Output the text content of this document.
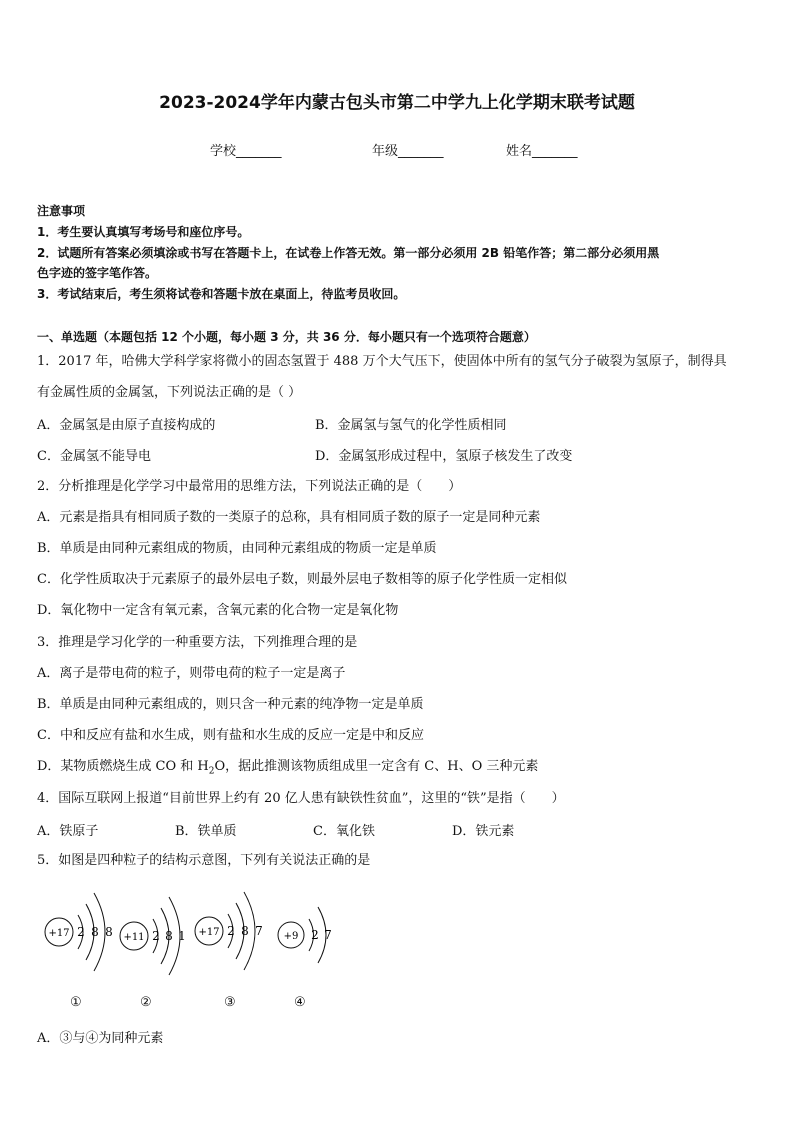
2023-2024学年内蒙古包头市第二中学九上化学期末联考试题
学校_______	年级_______	姓名_______
注意事项
1．考生要认真填写考场号和座位序号。
2．试题所有答案必须填涂或书写在答题卡上，在试卷上作答无效。第一部分必须用 2B 铅笔作答；第二部分必须用黑
色字迹的签字笔作答。
3．考试结束后，考生须将试卷和答题卡放在桌面上，待监考员收回。
一、单选题（本题包括 12 个小题，每小题 3 分，共 36 分．每小题只有一个选项符合题意）
1．2017 年，哈佛大学科学家将微小的固态氢置于 488 万个大气压下，使固体中所有的氢气分子破裂为氢原子，制得具
有金属性质的金属氢，下列说法正确的是（ ）
A．金属氢是由原子直接构成的	B．金属氢与氢气的化学性质相同
C．金属氢不能导电	D．金属氢形成过程中，氢原子核发生了改变
2．分析推理是化学学习中最常用的思维方法，下列说法正确的是（　　）
A．元素是指具有相同质子数的一类原子的总称，具有相同质子数的原子一定是同种元素
B．单质是由同种元素组成的物质，由同种元素组成的物质一定是单质
C．化学性质取决于元素原子的最外层电子数，则最外层电子数相等的原子化学性质一定相似
D．氧化物中一定含有氧元素，含氧元素的化合物一定是氧化物
3．推理是学习化学的一种重要方法，下列推理合理的是
A．离子是带电荷的粒子，则带电荷的粒子一定是离子
B．单质是由同种元素组成的，则只含一种元素的纯净物一定是单质
C．中和反应有盐和水生成，则有盐和水生成的反应一定是中和反应
D．某物质燃烧生成 CO 和 $H_2O$，据此推测该物质组成里一定含有 C、H、O 三种元素
4．国际互联网上报道“目前世界上约有 20 亿人患有缺铁性贫血”，这里的“铁”是指（　　）
A．铁原子	B．铁单质	C．氧化铁	D．铁元素
5．如图是四种粒子的结构示意图，下列有关说法正确的是
+17 2 8 8 +11 2 8 1 +17 2 8 7 +9 2 7
①	②	③	④
A．③与④为同种元素
